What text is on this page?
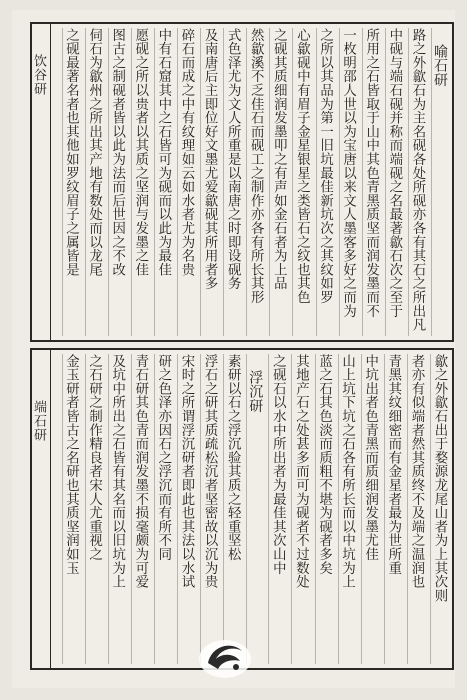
喻石研 路之外歙石为主名砚各处所砚亦各有其石之所出凡 中砚与端石砚并称而端砚之名最著歙石次之至于 所用之石皆取于山中其色青黑质坚而润发墨而不 一枚明邵人世以为宝唐以来文人墨客多好之而为 之所以其品为第一旧坑最佳新坑次之其纹如罗 心歙砚中有眉子金星银星之类皆石之纹也其色 之砚其质细润发墨叩之有声如金石者为上品 然歙溪不乏佳石而砚工之制作亦各有所长其形 式色泽尤为文人所重是以南唐之时即设砚务 及南唐后主即位好文墨尤爱歙砚其所用者多 碎石而成之中有纹理如云如水者尤为名贵 中有石窟其中之石皆可为砚而以此为最佳 愿砚之所以贵者以其质之坚润与发墨之佳 图古之制砚者皆以此为法而后世因之不改 伺石为歙州之所出其产地有数处而以龙尾 之砚最著名者也其他如罗纹眉子之属皆是
饮谷研
歙之外歙石出于婺源龙尾山者为上其次则 者亦有似端者然其质终不及端之温润也 青黑其纹细密而有金星者最为世所重 中坑出者色青黑而质细润发墨尤佳 山上坑下坑之石各有所长而以中坑为上 蓝之石其色淡而质粗不堪为砚者多矣 其地产石之处甚多而可为砚者不过数处 之砚石以水中所出者为最佳其次山中 浮沉研 素研以石之浮沉验其质之轻重坚松 浮石之研其质疏松沉者坚密故以沉为贵 宋时之所谓浮沉研者即此也其法以水试 研之色泽亦因石之浮沉而有所不同 青石研其色青而润发墨不损毫颇为可爱 及坑中所出之石皆有其名而以旧坑为上 之石研之制作精良者宋人尤重视之 金玉研者皆古之名研也其质坚润如玉
端石研
